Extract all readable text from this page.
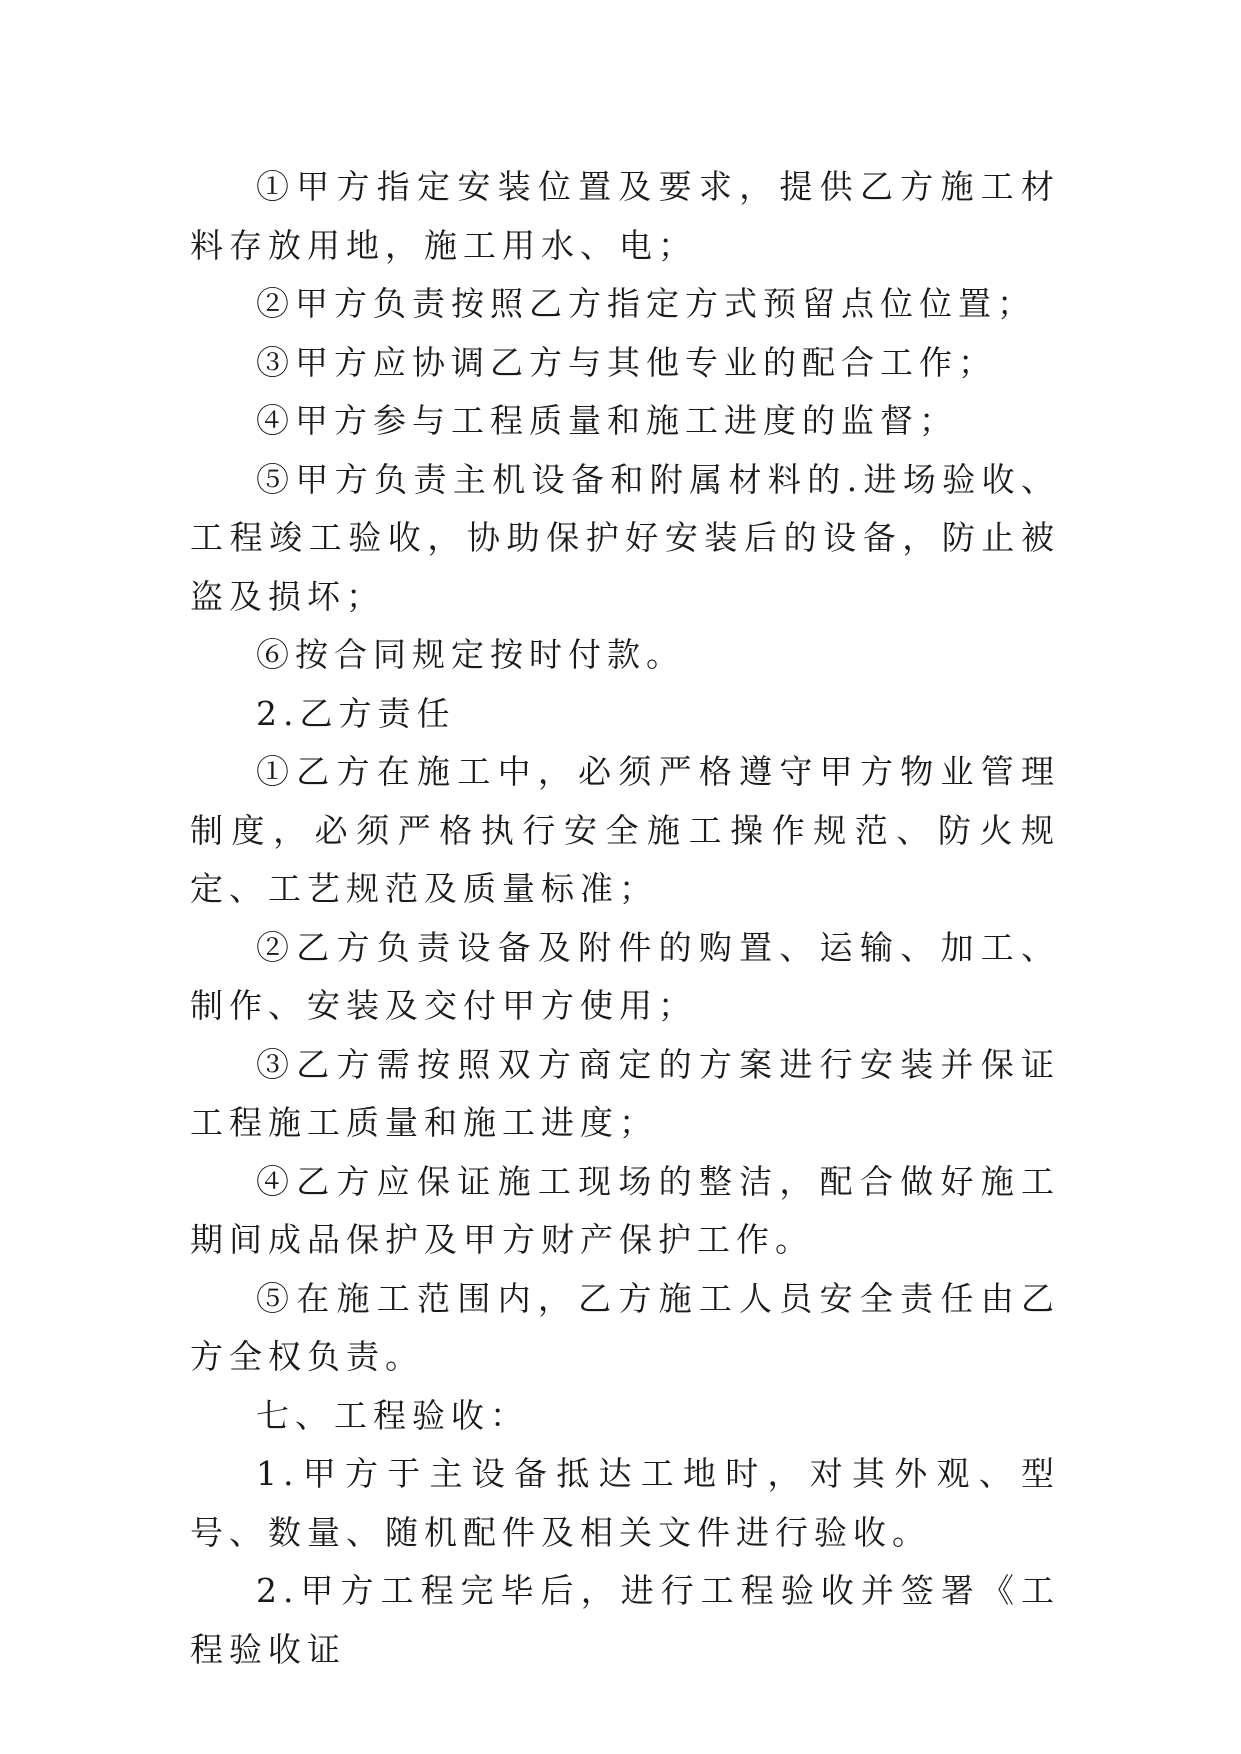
①甲方指定安装位置及要求，提供乙方施工材料存放用地，施工用水、电；

②甲方负责按照乙方指定方式预留点位位置；

③甲方应协调乙方与其他专业的配合工作；

④甲方参与工程质量和施工进度的监督；

⑤甲方负责主机设备和附属材料的.进场验收、工程竣工验收，协助保护好安装后的设备，防止被盗及损坏；

⑥按合同规定按时付款。

2.乙方责任

①乙方在施工中，必须严格遵守甲方物业管理制度，必须严格执行安全施工操作规范、防火规定、工艺规范及质量标准；

②乙方负责设备及附件的购置、运输、加工、制作、安装及交付甲方使用；

③乙方需按照双方商定的方案进行安装并保证工程施工质量和施工进度；

④乙方应保证施工现场的整洁，配合做好施工期间成品保护及甲方财产保护工作。

⑤在施工范围内，乙方施工人员安全责任由乙方全权负责。

七、工程验收：

1.甲方于主设备抵达工地时，对其外观、型号、数量、随机配件及相关文件进行验收。

2.甲方工程完毕后，进行工程验收并签署《工程验收证
